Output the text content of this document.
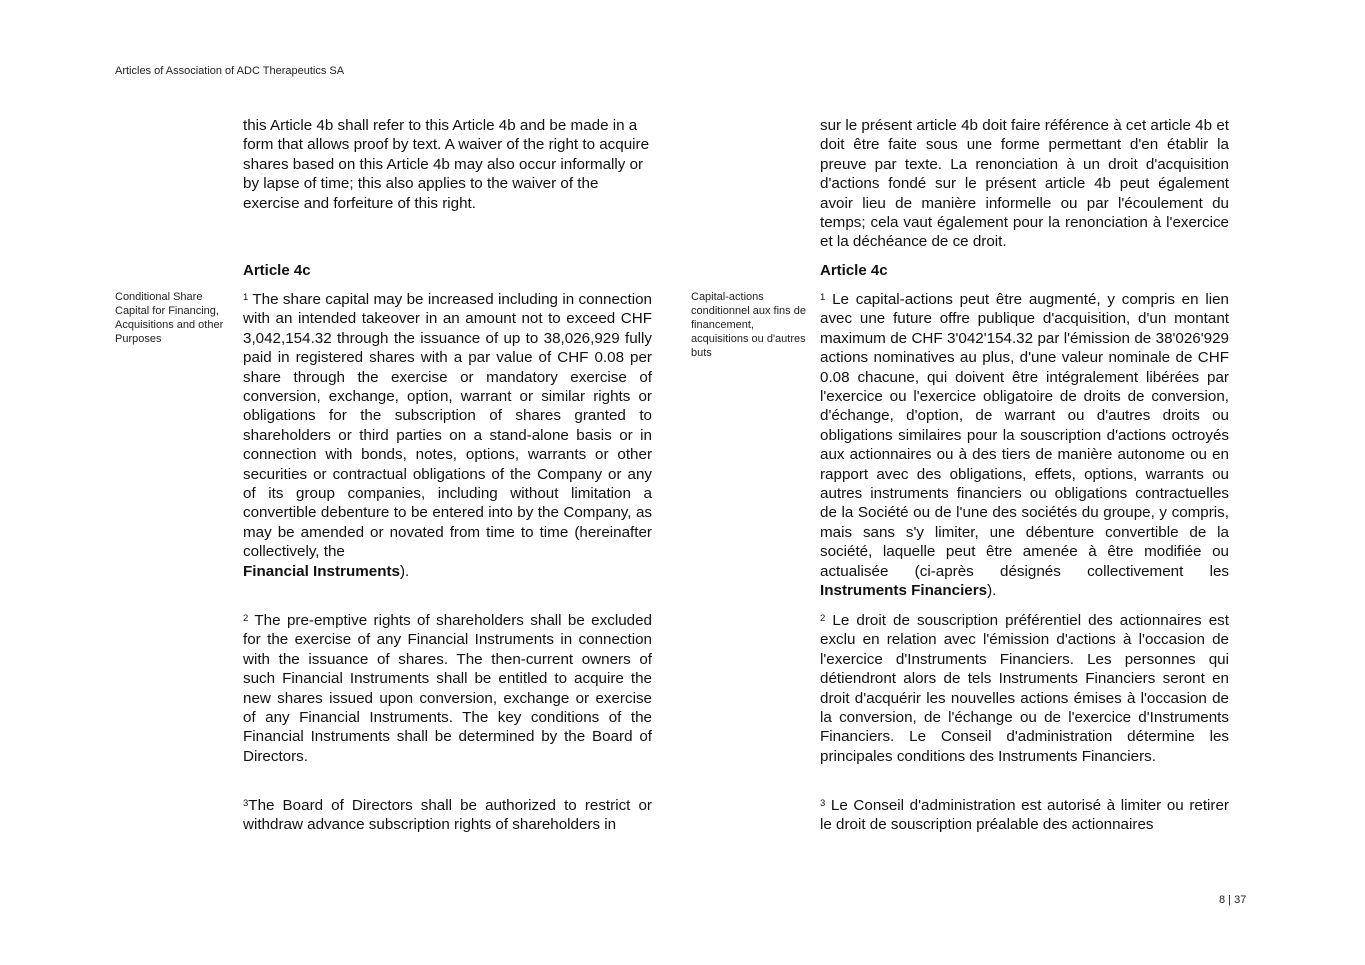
Articles of Association of ADC Therapeutics SA
this Article 4b shall refer to this Article 4b and be made in a form that allows proof by text. A waiver of the right to acquire shares based on this Article 4b may also occur informally or by lapse of time; this also applies to the waiver of the exercise and forfeiture of this right.
Article 4c
Conditional Share Capital for Financing, Acquisitions and other Purposes
$^1$ The share capital may be increased including in connection with an intended takeover in an amount not to exceed CHF 3,042,154.32 through the issuance of up to 38,026,929 fully paid in registered shares with a par value of CHF 0.08 per share through the exercise or mandatory exercise of conversion, exchange, option, warrant or similar rights or obligations for the subscription of shares granted to shareholders or third parties on a stand-alone basis or in connection with bonds, notes, options, warrants or other securities or contractual obligations of the Company or any of its group companies, including without limitation a convertible debenture to be entered into by the Company, as may be amended or novated from time to time (hereinafter collectively, the
Financial Instruments).
$^2$ The pre-emptive rights of shareholders shall be excluded for the exercise of any Financial Instruments in connection with the issuance of shares. The then-current owners of such Financial Instruments shall be entitled to acquire the new shares issued upon conversion, exchange or exercise of any Financial Instruments. The key conditions of the Financial Instruments shall be determined by the Board of Directors.
$^3$The Board of Directors shall be authorized to restrict or withdraw advance subscription rights of shareholders in
sur le présent article 4b doit faire référence à cet article 4b et doit être faite sous une forme permettant d'en établir la preuve par texte. La renonciation à un droit d'acquisition d'actions fondé sur le présent article 4b peut également avoir lieu de manière informelle ou par l'écoulement du temps; cela vaut également pour la renonciation à l'exercice et la déchéance de ce droit.
Article 4c
Capital-actions conditionnel aux fins de financement, acquisitions ou d'autres buts
$^1$ Le capital-actions peut être augmenté, y compris en lien avec une future offre publique d'acquisition, d'un montant maximum de CHF 3'042'154.32 par l'émission de 38'026'929 actions nominatives au plus, d'une valeur nominale de CHF 0.08 chacune, qui doivent être intégralement libérées par l'exercice ou l'exercice obligatoire de droits de conversion, d'échange, d'option, de warrant ou d'autres droits ou obligations similaires pour la souscription d'actions octroyés aux actionnaires ou à des tiers de manière autonome ou en rapport avec des obligations, effets, options, warrants ou autres instruments financiers ou obligations contractuelles de la Société ou de l'une des sociétés du groupe, y compris, mais sans s'y limiter, une débenture convertible de la société, laquelle peut être amenée à être modifiée ou actualisée (ci-après désignés collectivement les Instruments Financiers).
$^2$ Le droit de souscription préférentiel des actionnaires est exclu en relation avec l'émission d'actions à l'occasion de l'exercice d'Instruments Financiers. Les personnes qui détiendront alors de tels Instruments Financiers seront en droit d'acquérir les nouvelles actions émises à l'occasion de la conversion, de l'échange ou de l'exercice d'Instruments Financiers. Le Conseil d'administration détermine les principales conditions des Instruments Financiers.
$^3$ Le Conseil d'administration est autorisé à limiter ou retirer le droit de souscription préalable des actionnaires
8 | 37
